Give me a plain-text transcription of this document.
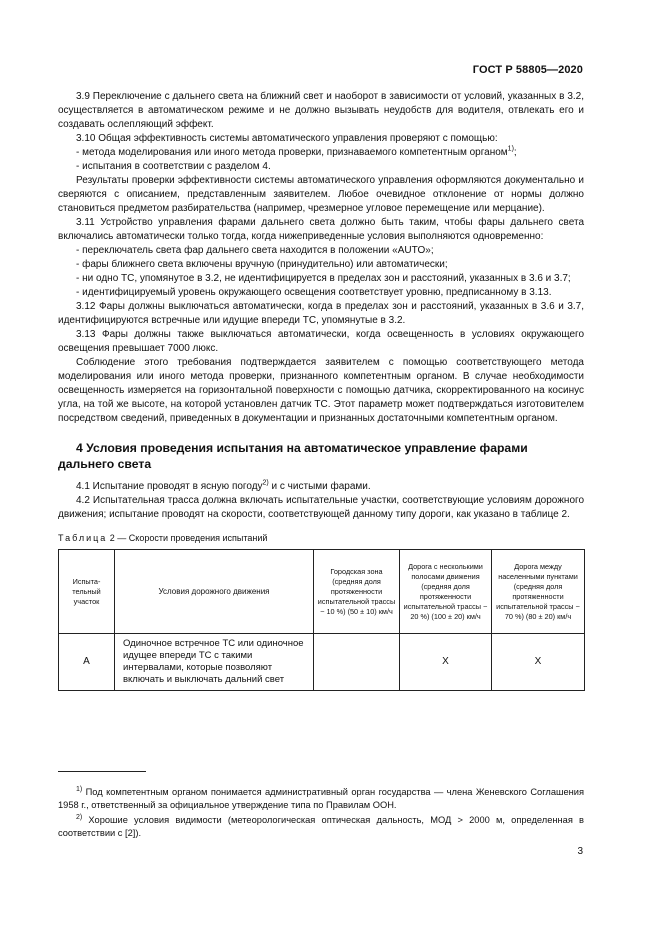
ГОСТ Р 58805—2020

3.9 Переключение с дальнего света на ближний свет и наоборот в зависимости от условий, указанных в 3.2, осуществляется в автоматическом режиме и не должно вызывать неудобств для водителя, отвлекать его и создавать ослепляющий эффект.

3.10 Общая эффективность системы автоматического управления проверяют с помощью:

- метода моделирования или иного метода проверки, признаваемого компетентным органом$^{1)}$;

- испытания в соответствии с разделом 4.

Результаты проверки эффективности системы автоматического управления оформляются документально и сверяются с описанием, представленным заявителем. Любое очевидное отклонение от нормы должно становиться предметом разбирательства (например, чрезмерное угловое перемещение или мерцание).

3.11 Устройство управления фарами дальнего света должно быть таким, чтобы фары дальнего света включались автоматически только тогда, когда нижеприведенные условия выполняются одновременно:

- переключатель света фар дальнего света находится в положении «AUTO»;

- фары ближнего света включены вручную (принудительно) или автоматически;

- ни одно ТС, упомянутое в 3.2, не идентифицируется в пределах зон и расстояний, указанных в 3.6 и 3.7;

- идентифицируемый уровень окружающего освещения соответствует уровню, предписанному в 3.13.

3.12 Фары должны выключаться автоматически, когда в пределах зон и расстояний, указанных в 3.6 и 3.7, идентифицируются встречные или идущие впереди ТС, упомянутые в 3.2.

3.13 Фары должны также выключаться автоматически, когда освещенность в условиях окружающего освещения превышает 7000 люкс.

Соблюдение этого требования подтверждается заявителем с помощью соответствующего метода моделирования или иного метода проверки, признанного компетентным органом. В случае необходимости освещенность измеряется на горизонтальной поверхности с помощью датчика, скорректированного на косинус угла, на той же высоте, на которой установлен датчик ТС. Этот параметр может подтверждаться изготовителем посредством сведений, приведенных в документации и признанных достаточными компетентным органом.

4 Условия проведения испытания на автоматическое управление фарами дальнего света

4.1 Испытание проводят в ясную погоду$^{2)}$ и с чистыми фарами.

4.2 Испытательная трасса должна включать испытательные участки, соответствующие условиям дорожного движения; испытание проводят на скорости, соответствующей данному типу дороги, как указано в таблице 2.

Таблица 2 — Скорости проведения испытаний
Испыта-тельный участок	Условия дорожного движения	Городская зона (средняя доля протяженности испытательной трассы ~ 10 %) (50 ± 10) км/ч	Дорога с несколькими полосами движения (средняя доля протяженности испытательной трассы ~ 20 %) (100 ± 20) км/ч	Дорога между населенными пунктами (средняя доля протяженности испытательной трассы ~ 70 %) (80 ± 20) км/ч
А	Одиночное встречное ТС или одиночное идущее впереди ТС с такими интервалами, которые позволяют включать и выключать дальний свет		X	X
$^{1)}$ Под компетентным органом понимается административный орган государства — члена Женевского Соглашения 1958 г., ответственный за официальное утверждение типа по Правилам ООН.
$^{2)}$ Хорошие условия видимости (метеорологическая оптическая дальность, МОД > 2000 м, определенная в соответствии с [2]).
3
